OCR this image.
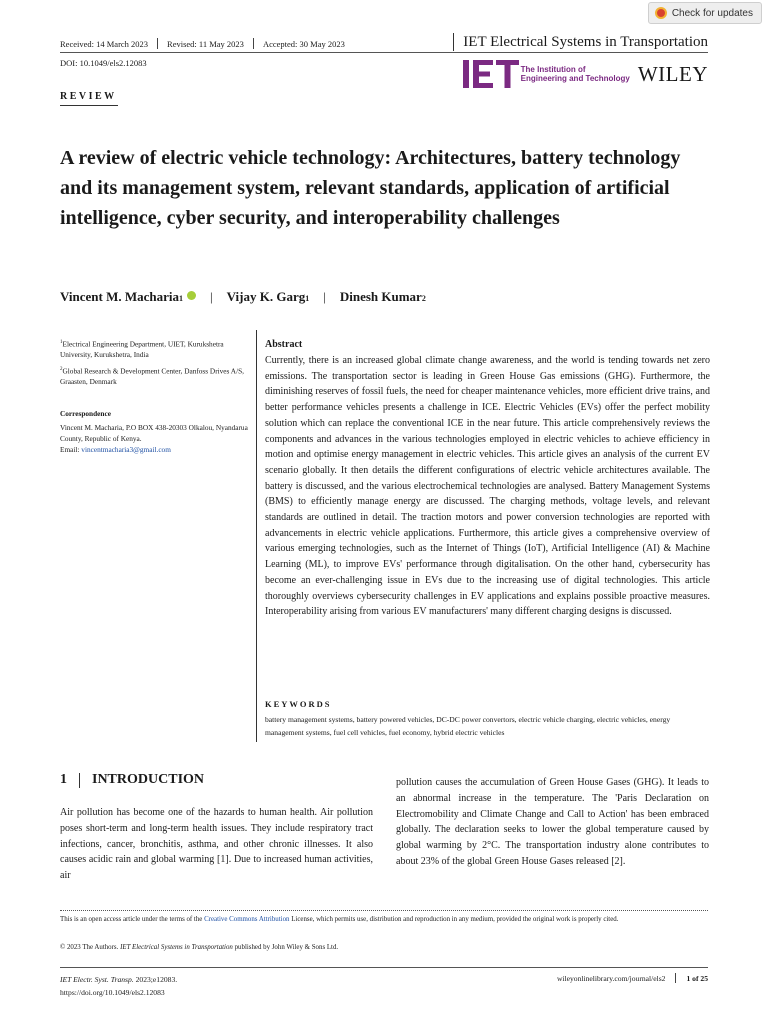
Check for updates
Received: 14 March 2023 Revised: 11 May 2023 Accepted: 30 May 2023	IET Electrical Systems in Transportation
DOI: 10.1049/els2.12083
The Institution of
Engineering and Technology WILEY
REVIEW
A review of electric vehicle technology: Architectures, battery technology and its management system, relevant standards, application of artificial intelligence, cyber security, and interoperability challenges
Vincent M. Macharia 1 | Vijay K. Garg 1 | Dinesh Kumar 2
$^1$Electrical Engineering Department, UIET, Kurukshetra University, Kurukshetra, India
$^2$Global Research & Development Center, Danfoss Drives A/S, Graasten, Denmark
Correspondence
Vincent M. Macharia, P.O BOX 438-20303 Olkalou, Nyandarua County, Republic of Kenya.
Email: vincentmacharia3@gmail.com
Abstract

Currently, there is an increased global climate change awareness, and the world is tending towards net zero emissions. The transportation sector is leading in Green House Gas emissions (GHG). Furthermore, the diminishing reserves of fossil fuels, the need for cheaper maintenance vehicles, more efficient drive trains, and better performance vehicles presents a challenge in ICE. Electric Vehicles (EVs) offer the perfect mobility solution which can replace the conventional ICE in the near future. This article comprehensively reviews the components and advances in the various technologies employed in electric vehicles to achieve efficiency in motion and optimise energy management in electric vehicles. This article gives an analysis of the current EV scenario globally. It then details the different configurations of electric vehicle architectures available. The battery is discussed, and the various electrochemical technologies are analysed. Battery Management Systems (BMS) to efficiently manage energy are discussed. The charging methods, voltage levels, and relevant standards are outlined in detail. The traction motors and power conversion technologies are reported with advancements in electric vehicle applications. Furthermore, this article gives a comprehensive overview of various emerging technologies, such as the Internet of Things (IoT), Artificial Intelligence (AI) & Machine Learning (ML), to improve EVs' performance through digitalisation. On the other hand, cybersecurity has become an ever-challenging issue in EVs due to the increasing use of digital technologies. This article thoroughly overviews cybersecurity challenges in EV applications and explains possible proactive measures. Interoperability arising from various EV manufacturers' many different charging designs is discussed.

KEYWORDS

battery management systems, battery powered vehicles, DC-DC power convertors, electric vehicle charging, electric vehicles, energy management systems, fuel cell vehicles, fuel economy, hybrid electric vehicles

1 INTRODUCTION

Air pollution has become one of the hazards to human health. Air pollution poses short-term and long-term health issues. They include respiratory tract infections, cancer, bronchitis, asthma, and other chronic illnesses. It also causes acidic rain and global warming [1]. Due to increased human activities, air

pollution causes the accumulation of Green House Gases (GHG). It leads to an abnormal increase in the temperature. The 'Paris Declaration on Electromobility and Climate Change and Call to Action' has been embraced globally. The declaration seeks to lower the global temperature caused by global warming by 2°C. The transportation industry alone contributes to about 23% of the global Green House Gases released [2].

This is an open access article under the terms of the Creative Commons Attribution License, which permits use, distribution and reproduction in any medium, provided the original work is properly cited.

© 2023 The Authors. IET Electrical Systems in Transportation published by John Wiley & Sons Ltd.

IET Electr. Syst. Transp. 2023;e12083.
https://doi.org/10.1049/els2.12083
wileyonlinelibrary.com/journal/els2	1 of 25
